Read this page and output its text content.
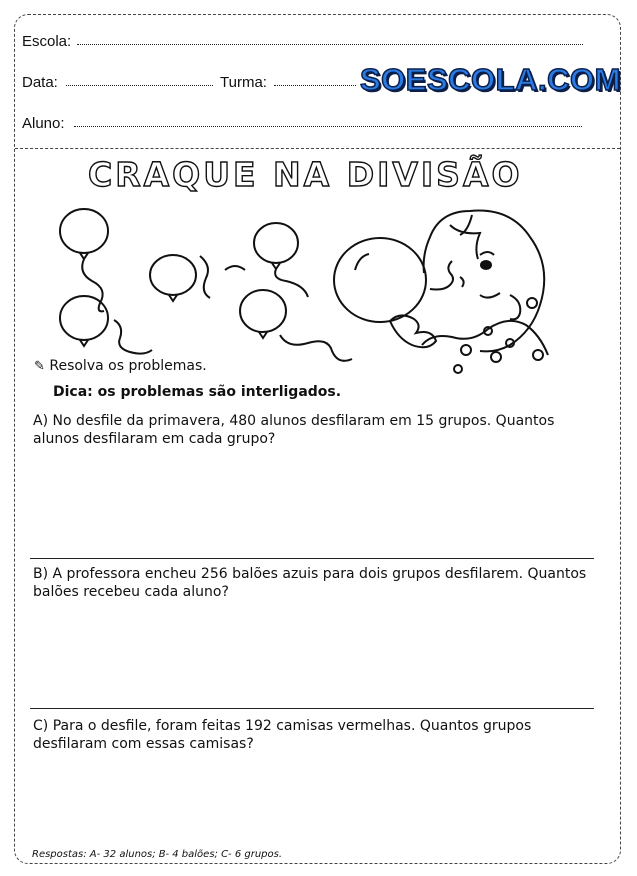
Escola:
Data:	Turma:
Aluno:
SOESCOLA.COM
CRAQUE NA DIVISÃO
✎ Resolva os problemas.
Dica: os problemas são interligados.
A) No desfile da primavera, 480 alunos desfilaram em 15 grupos. Quantos alunos desfilaram em cada grupo?
B) A professora encheu 256 balões azuis para dois grupos desfilarem. Quantos balões recebeu cada aluno?
C) Para o desfile, foram feitas 192 camisas vermelhas. Quantos grupos desfilaram com essas camisas?
Respostas: A- 32 alunos; B- 4 balões; C- 6 grupos.
